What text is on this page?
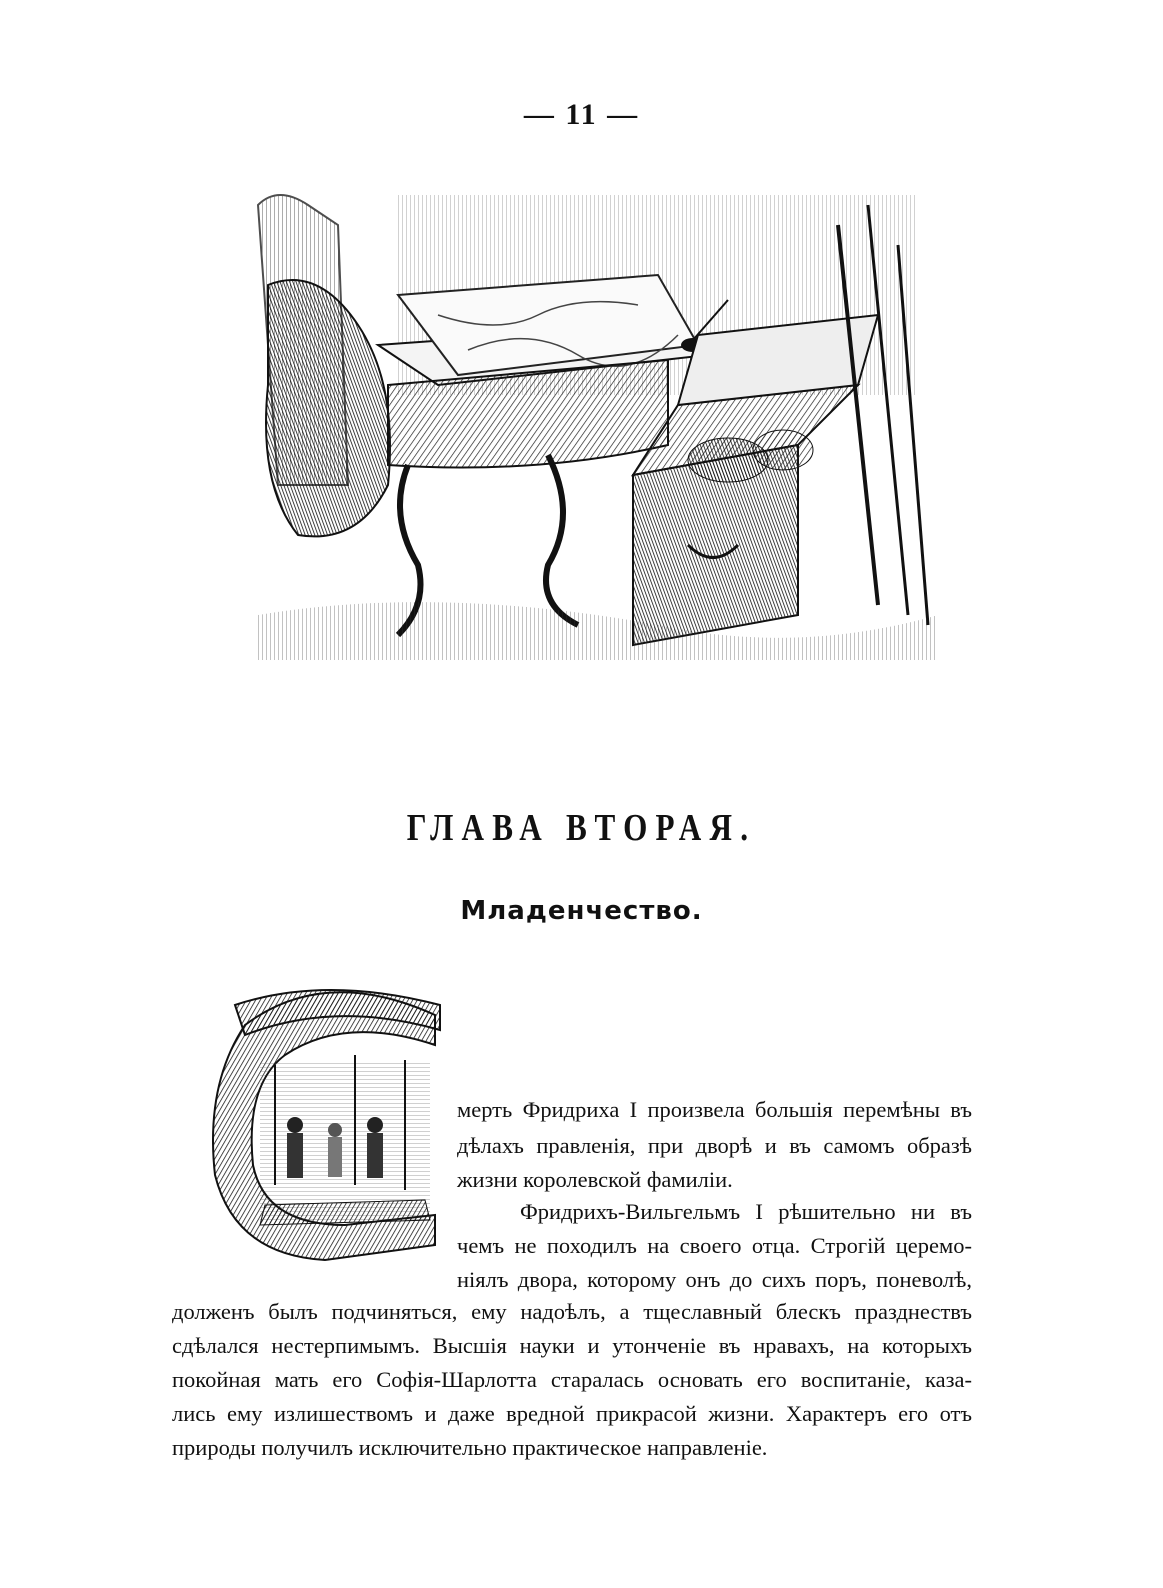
— 11 —
ГЛАВА ВТОРАЯ.
Младенчество.
мерть Фридриха I произвела большія перемѣны въ
дѣлахъ правленія, при дворѣ и въ самомъ образѣ
жизни королевской фамиліи.
Фридрихъ-Вильгельмъ I рѣшительно ни въ
чемъ не походилъ на своего отца. Строгій церемо-
ніялъ двора, которому онъ до сихъ поръ, поневолѣ,
долженъ былъ подчиняться, ему надоѣлъ, а тщеславный блескъ празднествъ
сдѣлался нестерпимымъ. Высшія науки и утонченіе въ нравахъ, на которыхъ
покойная мать его Софія-Шарлотта старалась основать его воспитаніе, каза-
лись ему излишествомъ и даже вредной прикрасой жизни. Характеръ его отъ
природы получилъ исключительно практическое направленіе.
